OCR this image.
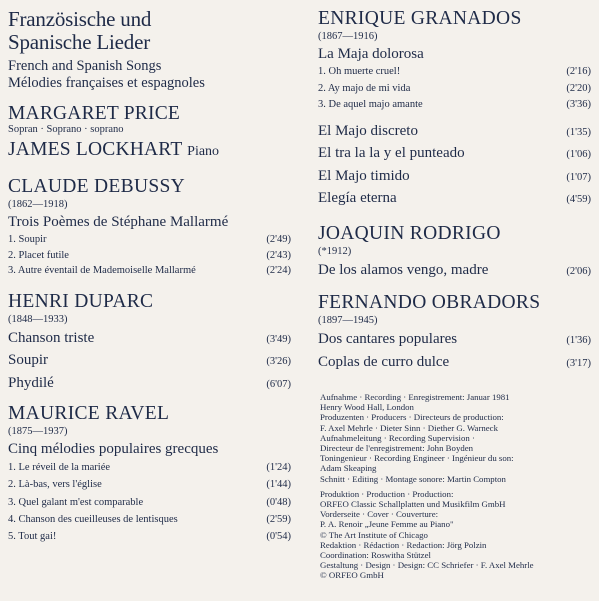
Französische und
Spanische Lieder
French and Spanish Songs
Mélodies françaises et espagnoles
MARGARET PRICE
Sopran · Soprano · soprano
JAMES LOCKHART Piano
CLAUDE DEBUSSY
(1862—1918)
Trois Poèmes de Stéphane Mallarmé
1. Soupir	(2'49)
2. Placet futile	(2'43)
3. Autre éventail de Mademoiselle Mallarmé	(2'24)
HENRI DUPARC
(1848—1933)
Chanson triste	(3'49)
Soupir	(3'26)
Phydilé	(6'07)
MAURICE RAVEL
(1875—1937)
Cinq mélodies populaires grecques
1. Le réveil de la mariée	(1'24)
2. Là-bas, vers l'église	(1'44)
3. Quel galant m'est comparable	(0'48)
4. Chanson des cueilleuses de lentisques	(2'59)
5. Tout gai!	(0'54)
ENRIQUE GRANADOS
(1867—1916)
La Maja dolorosa
1. Oh muerte cruel!	(2'16)
2. Ay majo de mi vida	(2'20)
3. De aquel majo amante	(3'36)
El Majo discreto	(1'35)
El tra la la y el punteado	(1'06)
El Majo timido	(1'07)
Elegía eterna	(4'59)
JOAQUIN RODRIGO
(*1912)
De los alamos vengo, madre	(2'06)
FERNANDO OBRADORS
(1897—1945)
Dos cantares populares	(1'36)
Coplas de curro dulce	(3'17)
Aufnahme · Recording · Enregistrement: Januar 1981
Henry Wood Hall, London
Produzenten · Producers · Directeurs de production:
F. Axel Mehrle · Dieter Sinn · Diether G. Warneck
Aufnahmeleitung · Recording Supervision ·
Directeur de l'enregistrement: John Boyden
Toningenieur · Recording Engineer · Ingénieur du son:
Adam Skeaping
Schnitt · Editing · Montage sonore: Martin Compton
Produktion · Production · Production:
ORFEO Classic Schallplatten und Musikfilm GmbH
Vorderseite · Cover · Couverture:
P. A. Renoir „Jeune Femme au Piano"
© The Art Institute of Chicago
Redaktion · Rédaction · Redaction: Jörg Polzin
Coordination: Roswitha Stützel
Gestaltung · Design · Design: CC Schriefer · F. Axel Mehrle
© ORFEO GmbH
